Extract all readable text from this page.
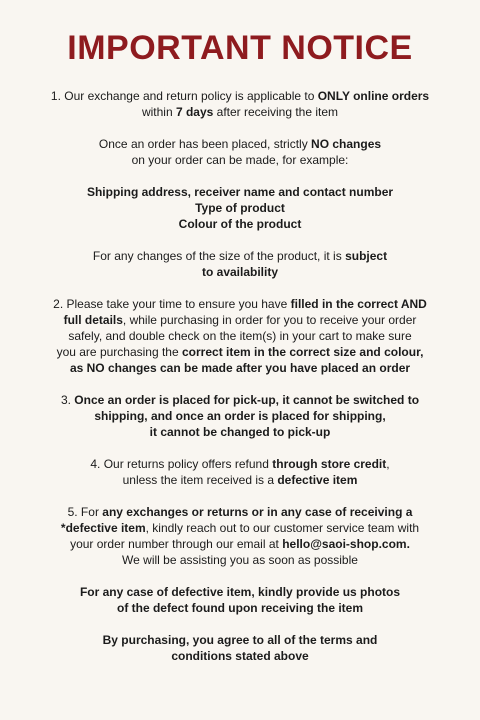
IMPORTANT NOTICE
1. Our exchange and return policy is applicable to ONLY online orders
within 7 days after receiving the item
Once an order has been placed, strictly NO changes
on your order can be made, for example:
Shipping address, receiver name and contact number
Type of product
Colour of the product
For any changes of the size of the product, it is subject
to availability
2. Please take your time to ensure you have filled in the correct AND
full details, while purchasing in order for you to receive your order
safely, and double check on the item(s) in your cart to make sure
you are purchasing the correct item in the correct size and colour,
as NO changes can be made after you have placed an order
3. Once an order is placed for pick-up, it cannot be switched to
shipping, and once an order is placed for shipping,
it cannot be changed to pick-up
4. Our returns policy offers refund through store credit,
unless the item received is a defective item
5. For any exchanges or returns or in any case of receiving a
*defective item, kindly reach out to our customer service team with
your order number through our email at hello@saoi-shop.com.
We will be assisting you as soon as possible
For any case of defective item, kindly provide us photos
of the defect found upon receiving the item
By purchasing, you agree to all of the terms and
conditions stated above
